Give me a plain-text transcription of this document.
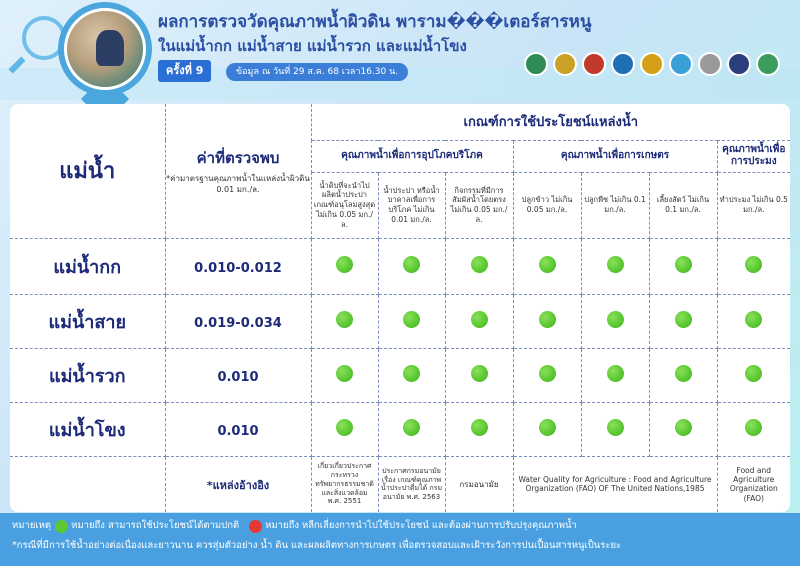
ผลการตรวจวัดคุณภาพน้ำผิวดิน พาราม���เตอร์สารหนู
ในแม่น้ำกก แม่น้ำสาย แม่น้ำรวก และแม่น้ำโขง
ครั้งที่ 9	ข้อมูล ณ วันที่ 29 ส.ค. 68 เวลา16.30 น.
แม่น้ำ	ค่าที่ตรวจพบ
*ค่ามาตรฐานคุณภาพน้ำในแหล่งน้ำผิวดิน 0.01 มก./ล.	เกณฑ์การใช้ประโยชน์แหล่งน้ำ						

		คุณภาพน้ำเพื่อการอุปโภคบริโภค			คุณภาพน้ำเพื่อการเกษตร			คุณภาพน้ำเพื่อการประมง

		น้ำดิบที่จะนำไปผลิตน้ำประปา เกณฑ์อนุโลมสูงสุดไม่เกิน 0.05 มก./ล.	น้ำประปา หรือน้ำบาดาลเพื่อการบริโภค ไม่เกิน 0.01 มก./ล.	กิจกรรมที่มีการสัมผัสน้ำโดยตรง ไม่เกิน 0.05 มก./ล.	ปลูกข้าว ไม่เกิน 0.05 มก./ล.	ปลูกพืช ไม่เกิน 0.1 มก./ล.	เลี้ยงสัตว์ ไม่เกิน 0.1 มก./ล.	ทำประมง ไม่เกิน 0.5 มก./ล.

แม่น้ำกก	0.010-0.012							
แม่น้ำสาย	0.019-0.034							
แม่น้ำรวก	0.010							
แม่น้ำโขง	0.010							
	*แหล่งอ้างอิง	เกี่ยวเกี่ยวประกาศ กระทรวงทรัพยากรธรรมชาติ และสิ่งแวดล้อม พ.ศ. 2551	ประกาศกรมอนามัย เรื่อง เกณฑ์คุณภาพน้ำประปาดื่มได้ กรมอนามัย พ.ศ. 2563	กรมอนามัย	Water Quality for Agriculture : Food and Agriculture Organization (FAO) OF The United Nations,1985			Food and Agriculture Organization (FAO)
หมายเหตุ หมายถึง สามารถใช้ประโยชน์ได้ตามปกติ	หมายถึง หลีกเลี่ยงการนำไปใช้ประโยชน์ และต้องผ่านการปรับปรุงคุณภาพน้ำ
*กรณีที่มีการใช้น้ำอย่างต่อเนื่องและยาวนาน ควรสุ่มตัวอย่าง น้ำ ดิน และผลผลิตทางการเกษตร เพื่อตรวจสอบและเฝ้าระวังการปนเปื้อนสารหนูเป็นระยะ
